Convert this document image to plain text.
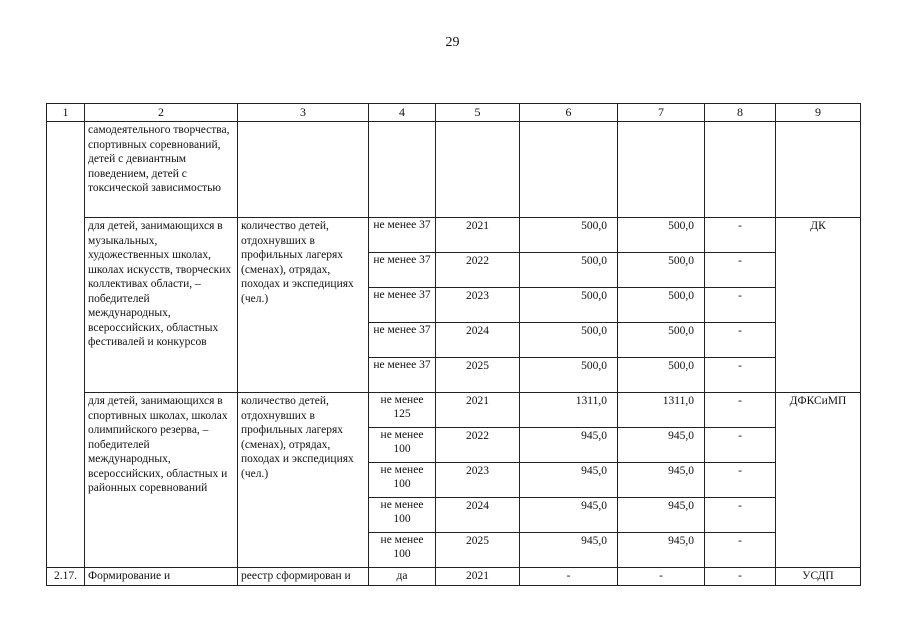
29
1	2	3	4	5	6	7	8	9
	самодеятельного творчества, спортивных соревнований, детей с девиантным поведением, детей с токсической зависимостью							
	для детей, занимающихся в музыкальных, художественных школах, школах искусств, творческих коллективах области, – победителей международных, всероссийских, областных фестивалей и конкурсов	количество детей, отдохнувших в профильных лагерях (сменах), отрядах, походах и экспедициях (чел.)	не менее 37	2021	500,0	500,0	-	ДК
			не менее 37	2022	500,0	500,0	-	
			не менее 37	2023	500,0	500,0	-	
			не менее 37	2024	500,0	500,0	-	
			не менее 37	2025	500,0	500,0	-	
	для детей, занимающихся в спортивных школах, школах олимпийского резерва, – победителей международных, всероссийских, областных и районных соревнований	количество детей, отдохнувших в профильных лагерях (сменах), отрядах, походах и экспедициях (чел.)	не менее 125	2021	1311,0	1311,0	-	ДФКСиМП
			не менее 100	2022	945,0	945,0	-	
			не менее 100	2023	945,0	945,0	-	
			не менее 100	2024	945,0	945,0	-	
			не менее 100	2025	945,0	945,0	-	
2.17.	Формирование и	реестр сформирован и	да	2021	-	-	-	УСДП
